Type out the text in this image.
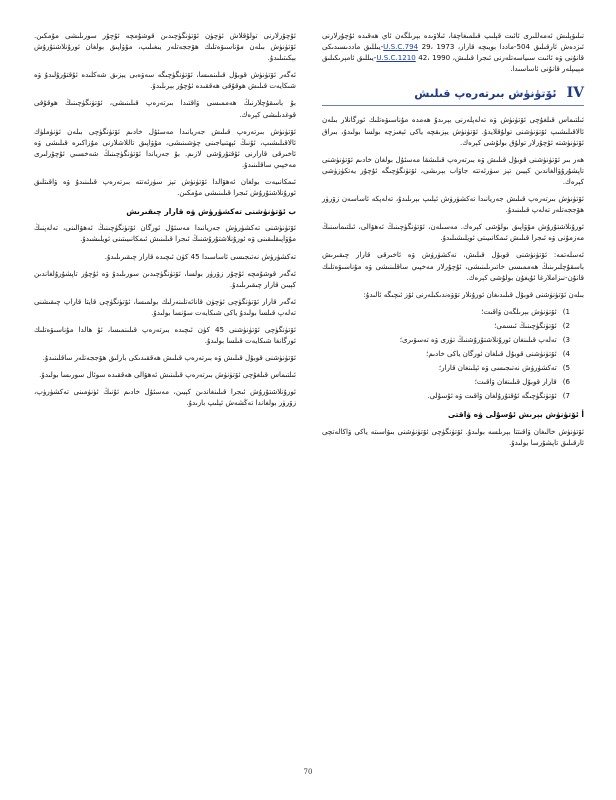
تىلىۋېلىش ئەمەللىرى ئائىت قېلىپ قىلمىغاچقا، ئىلاۋىدە بېرىلگەن ئاي ھەقىدە ئۇچۇرلارنى ئىزدەش ئارقىلىق 504-ماددا بويىچە قارار، U.S.C.794 29، 1973-يىللىق ماددىسىدىكى قانۇنى ۋە ئائىت سىياسەتلەرنى ئىجرا قىلىش، U.S.C.1210 42، 1990-يىللىق ئامېرىكىلىق مېيىپلەر قانۇنى ئاساسىدا.

IV
ئۆتۈنۈش بىرتەرەپ قىلىش

ئىلتىماس قىلغۇچى ئۆتۈنۈش ۋە تەلەپلەرنى بېرىدۇ ھەمدە مۇناسىۋەتلىك ئورگانلار بىلەن ئالاقىلىشىپ ئۆتۈنۈشنى تولۇقلايدۇ. ئۆتۈنۈش يېزىقچە ياكى ئېغىزچە بولسا بولىدۇ، بىراق ئۆتۈنۈشتە ئۇچۇرلار تولۇق بولۇشى كېرەك.

ھەر بىر ئۆتۈنۈشنى قوبۇل قىلىش ۋە بىرتەرەپ قىلىشقا مەسئۇل بولغان خادىم ئۆتۈنۈشنى تاپشۇرۇۋالغاندىن كېيىن تېز سۈرئەتتە جاۋاب بېرىشى، ئۆتۈنگۈچىگە ئۇچۇر يەتكۈزۈشى كېرەك.

ئۆتۈنۈش بىرتەرەپ قىلىش جەريانىدا تەكشۈرۈش ئېلىپ بېرىلىدۇ، تەلەپكە ئاساسەن زۆرۈر ھۆججەتلەر تەلەپ قىلىنىدۇ.

ئورۇنلاشتۇرۇش مۇۋاپىق بولۇشى كېرەك. مەسىلەن، ئۆتۈنگۈچىنىڭ ئەھۋالى، ئىلتىماسنىڭ مەزمۇنى ۋە ئىجرا قىلىش ئىمكانىيىتى ئويلىشىلىدۇ.

ئەسلەتمە: ئۆتۈنۈشنى قوبۇل قىلىش، تەكشۈرۈش ۋە ئاخىرقى قارار چىقىرىش باسقۇچلىرىنىڭ ھەممىسى خاتىرىلىنىشى، ئۇچۇرلار مەخپىي ساقلىنىشى ۋە مۇناسىۋەتلىك قانۇن-نىزاملارغا ئۇيغۇن بولۇشى كېرەك.

بىلەن ئۆتۈنۈشنى قوبۇل قىلىدىغان ئورۇنلار تۆۋەندىكىلەرنى ئۆز ئىچىگە ئالىدۇ:

1)
ئۆتۈنۈش بېرىلگەن ۋاقىت؛
2)
ئۆتۈنگۈچىنىڭ ئىسمى؛
3)
تەلەپ قىلىنغان ئورۇنلاشتۇرۇشنىڭ تۈرى ۋە تەسۋىرى؛
4)
ئۆتۈنۈشنى قوبۇل قىلغان ئورگان ياكى خادىم؛
5)
تەكشۈرۈش نەتىجىسى ۋە ئېلىنغان قارار؛
6)
قارار قوبۇل قىلىنغان ۋاقىت؛
7)
ئۆتۈنگۈچىگە ئۇقتۇرۇلغان ۋاقىت ۋە ئۇسۇلى.
أ ئۆتۈنۈش بېرىش ئۇسۇلى ۋە ۋاقتى

ئۆتۈنۈش خالىغان ۋاقىتتا بېرىلسە بولىدۇ. ئۆتۈنگۈچى ئۆتۈنۈشنى بىۋاسىتە ياكى ۋاكالەتچى ئارقىلىق تاپشۇرسا بولىدۇ.

ئۇچۇرلارنى تولۇقلاش ئۈچۈن ئۆتۈنگۈچىدىن قوشۇمچە ئۇچۇر سورىلىشى مۇمكىن. ئۆتۈنۈش بىلەن مۇناسىۋەتلىك ھۆججەتلەر يىغىلىپ، مۇۋاپىق بولغان ئورۇنلاشتۇرۇش بېكىتىلىدۇ.

ئەگەر ئۆتۈنۈش قوبۇل قىلىنمىسا، ئۆتۈنگۈچىگە سەۋەبى يېزىق شەكلىدە ئۇقتۇرۇلىدۇ ۋە شىكايەت قىلىش ھوقۇقى ھەققىدە ئۇچۇر بېرىلىدۇ.

بۇ باسقۇچلارنىڭ ھەممىسى ۋاقتىدا بىرتەرەپ قىلىنىشى، ئۆتۈنگۈچىنىڭ ھوقۇقى قوغدىلىشى كېرەك.

ئۆتۈنۈش بىرتەرەپ قىلىش جەريانىدا مەسئۇل خادىم ئۆتۈنگۈچى بىلەن ئۈنۈملۈك ئالاقىلىشىپ، ئۇنىڭ ئېھتىياجىنى چۈشىنىشى، مۇۋاپىق تاللاشلارنى مۇزاكىرە قىلىشى ۋە ئاخىرقى قارارنى ئۇقتۇرۇشى لازىم. بۇ جەرياندا ئۆتۈنگۈچىنىڭ شەخسىي ئۇچۇرلىرى مەخپىي ساقلىنىدۇ.

ئىمكانىيەت بولغان ئەھۋالدا ئۆتۈنۈش تېز سۈرئەتتە بىرتەرەپ قىلىنىدۇ ۋە ۋاقىتلىق ئورۇنلاشتۇرۇش ئىجرا قىلىنىشى مۇمكىن.

ب ئۆتۈنۈشنى تەكشۈرۈش ۋە قارار چىقىرىش

ئۆتۈنۈشنى تەكشۈرۈش جەريانىدا مەسئۇل ئورگان ئۆتۈنگۈچىنىڭ ئەھۋالىنى، تەلەپنىڭ مۇۋاپىقلىقىنى ۋە ئورۇنلاشتۇرۇشنىڭ ئىجرا قىلىنىش ئىمكانىيىتىنى ئويلىشىدۇ.

تەكشۈرۈش نەتىجىسى ئاساسىدا 45 كۈن ئىچىدە قارار چىقىرىلىدۇ.

ئەگەر قوشۇمچە ئۇچۇر زۆرۈر بولسا، ئۆتۈنگۈچىدىن سورىلىدۇ ۋە ئۇچۇر تاپشۇرۇلغاندىن كېيىن قارار چىقىرىلىدۇ.

ئەگەر قارار ئۆتۈنگۈچى ئۈچۈن قانائەتلىنەرلىك بولمىسا، ئۆتۈنگۈچى قايتا قاراپ چىقىشنى تەلەپ قىلسا بولىدۇ ياكى شىكايەت سۇنسا بولىدۇ.

ئۆتۈنگۈچى ئۆتۈنۈشنى 45 كۈن ئىچىدە بىرتەرەپ قىلىنمىسا، ئۇ ھالدا مۇناسىۋەتلىك ئورگانغا شىكايەت قىلسا بولىدۇ.

ئۆتۈنۈشنى قوبۇل قىلىش ۋە بىرتەرەپ قىلىش ھەققىدىكى بارلىق ھۆججەتلەر ساقلىنىدۇ.

ئىلتىماس قىلغۇچى ئۆتۈنۈش بىرتەرەپ قىلىنىش ئەھۋالى ھەققىدە سوئال سورىسا بولىدۇ.

ئورۇنلاشتۇرۇش ئىجرا قىلىنغاندىن كېيىن، مەسئۇل خادىم ئۇنىڭ ئۈنۈمىنى تەكشۈرۈپ، زۆرۈر بولغاندا تەڭشەش ئېلىپ بارىدۇ.

70
